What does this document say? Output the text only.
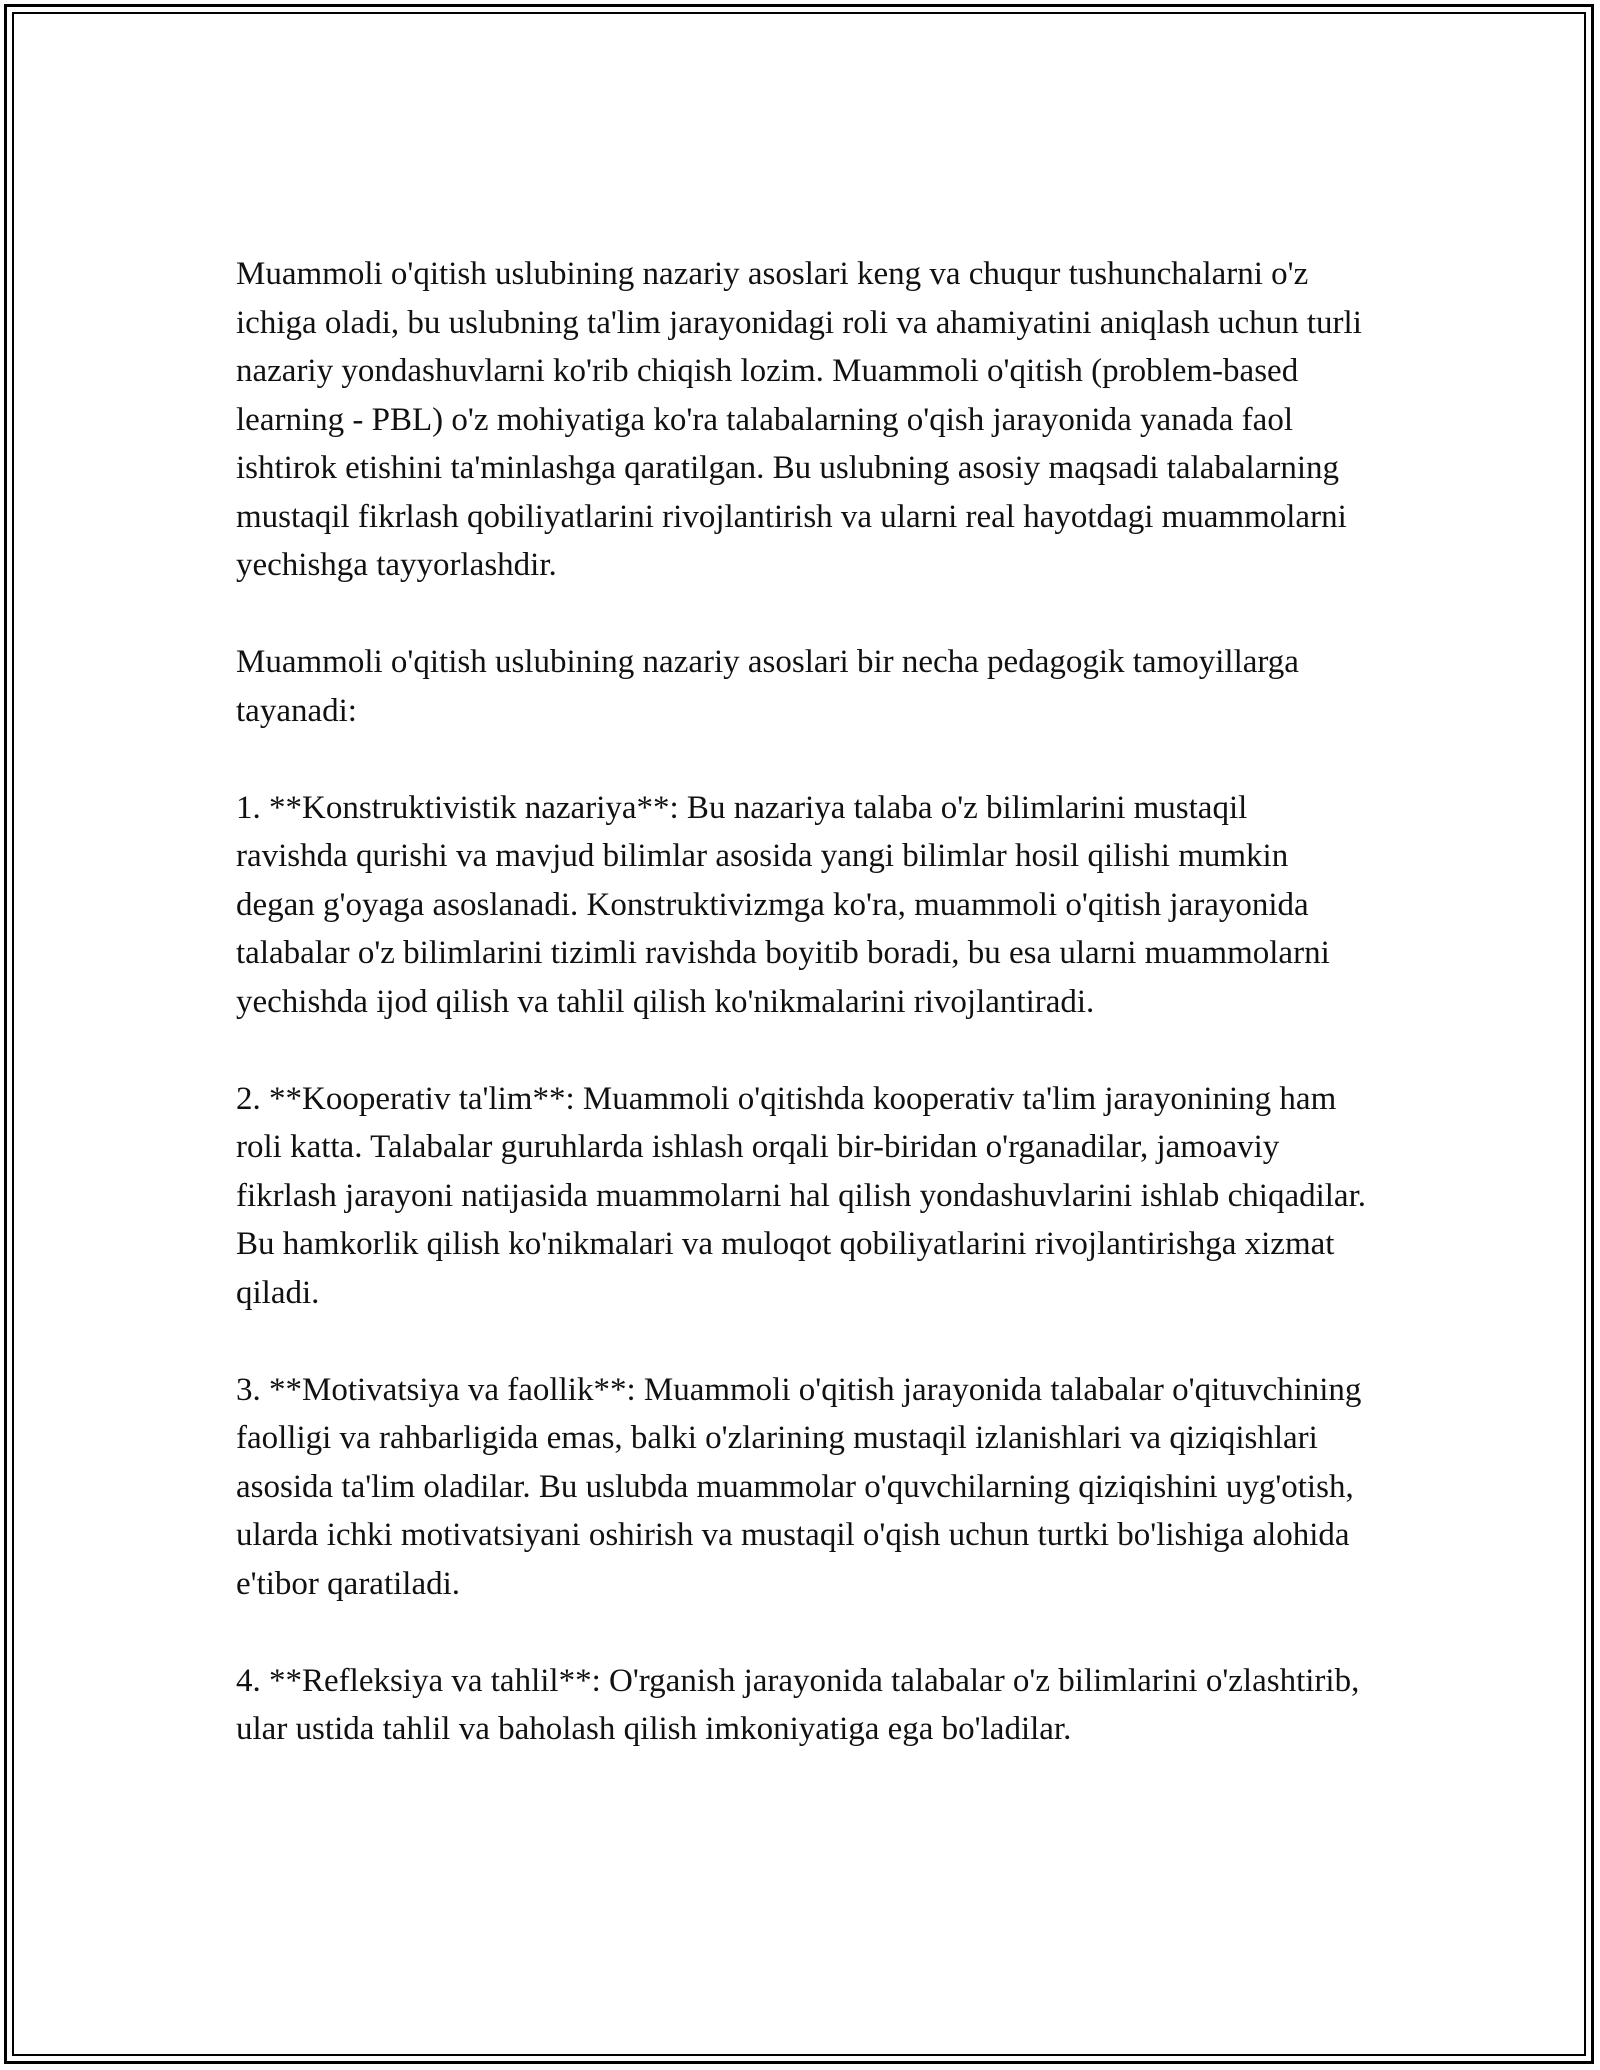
Muammoli o'qitish uslubining nazariy asoslari keng va chuqur tushunchalarni o'z ichiga oladi, bu uslubning ta'lim jarayonidagi roli va ahamiyatini aniqlash uchun turli nazariy yondashuvlarni ko'rib chiqish lozim. Muammoli o'qitish (problem-based learning - PBL) o'z mohiyatiga ko'ra talabalarning o'qish jarayonida yanada faol ishtirok etishini ta'minlashga qaratilgan. Bu uslubning asosiy maqsadi talabalarning mustaqil fikrlash qobiliyatlarini rivojlantirish va ularni real hayotdagi muammolarni yechishga tayyorlashdir.

Muammoli o'qitish uslubining nazariy asoslari bir necha pedagogik tamoyillarga tayanadi:

1. **Konstruktivistik nazariya**: Bu nazariya talaba o'z bilimlarini mustaqil ravishda qurishi va mavjud bilimlar asosida yangi bilimlar hosil qilishi mumkin degan g'oyaga asoslanadi. Konstruktivizmga ko'ra, muammoli o'qitish jarayonida talabalar o'z bilimlarini tizimli ravishda boyitib boradi, bu esa ularni muammolarni yechishda ijod qilish va tahlil qilish ko'nikmalarini rivojlantiradi.

2. **Kooperativ ta'lim**: Muammoli o'qitishda kooperativ ta'lim jarayonining ham roli katta. Talabalar guruhlarda ishlash orqali bir-biridan o'rganadilar, jamoaviy fikrlash jarayoni natijasida muammolarni hal qilish yondashuvlarini ishlab chiqadilar. Bu hamkorlik qilish ko'nikmalari va muloqot qobiliyatlarini rivojlantirishga xizmat qiladi.

3. **Motivatsiya va faollik**: Muammoli o'qitish jarayonida talabalar o'qituvchining faolligi va rahbarligida emas, balki o'zlarining mustaqil izlanishlari va qiziqishlari asosida ta'lim oladilar. Bu uslubda muammolar o'quvchilarning qiziqishini uyg'otish, ularda ichki motivatsiyani oshirish va mustaqil o'qish uchun turtki bo'lishiga alohida e'tibor qaratiladi.

4. **Refleksiya va tahlil**: O'rganish jarayonida talabalar o'z bilimlarini o'zlashtirib, ular ustida tahlil va baholash qilish imkoniyatiga ega bo'ladilar.
